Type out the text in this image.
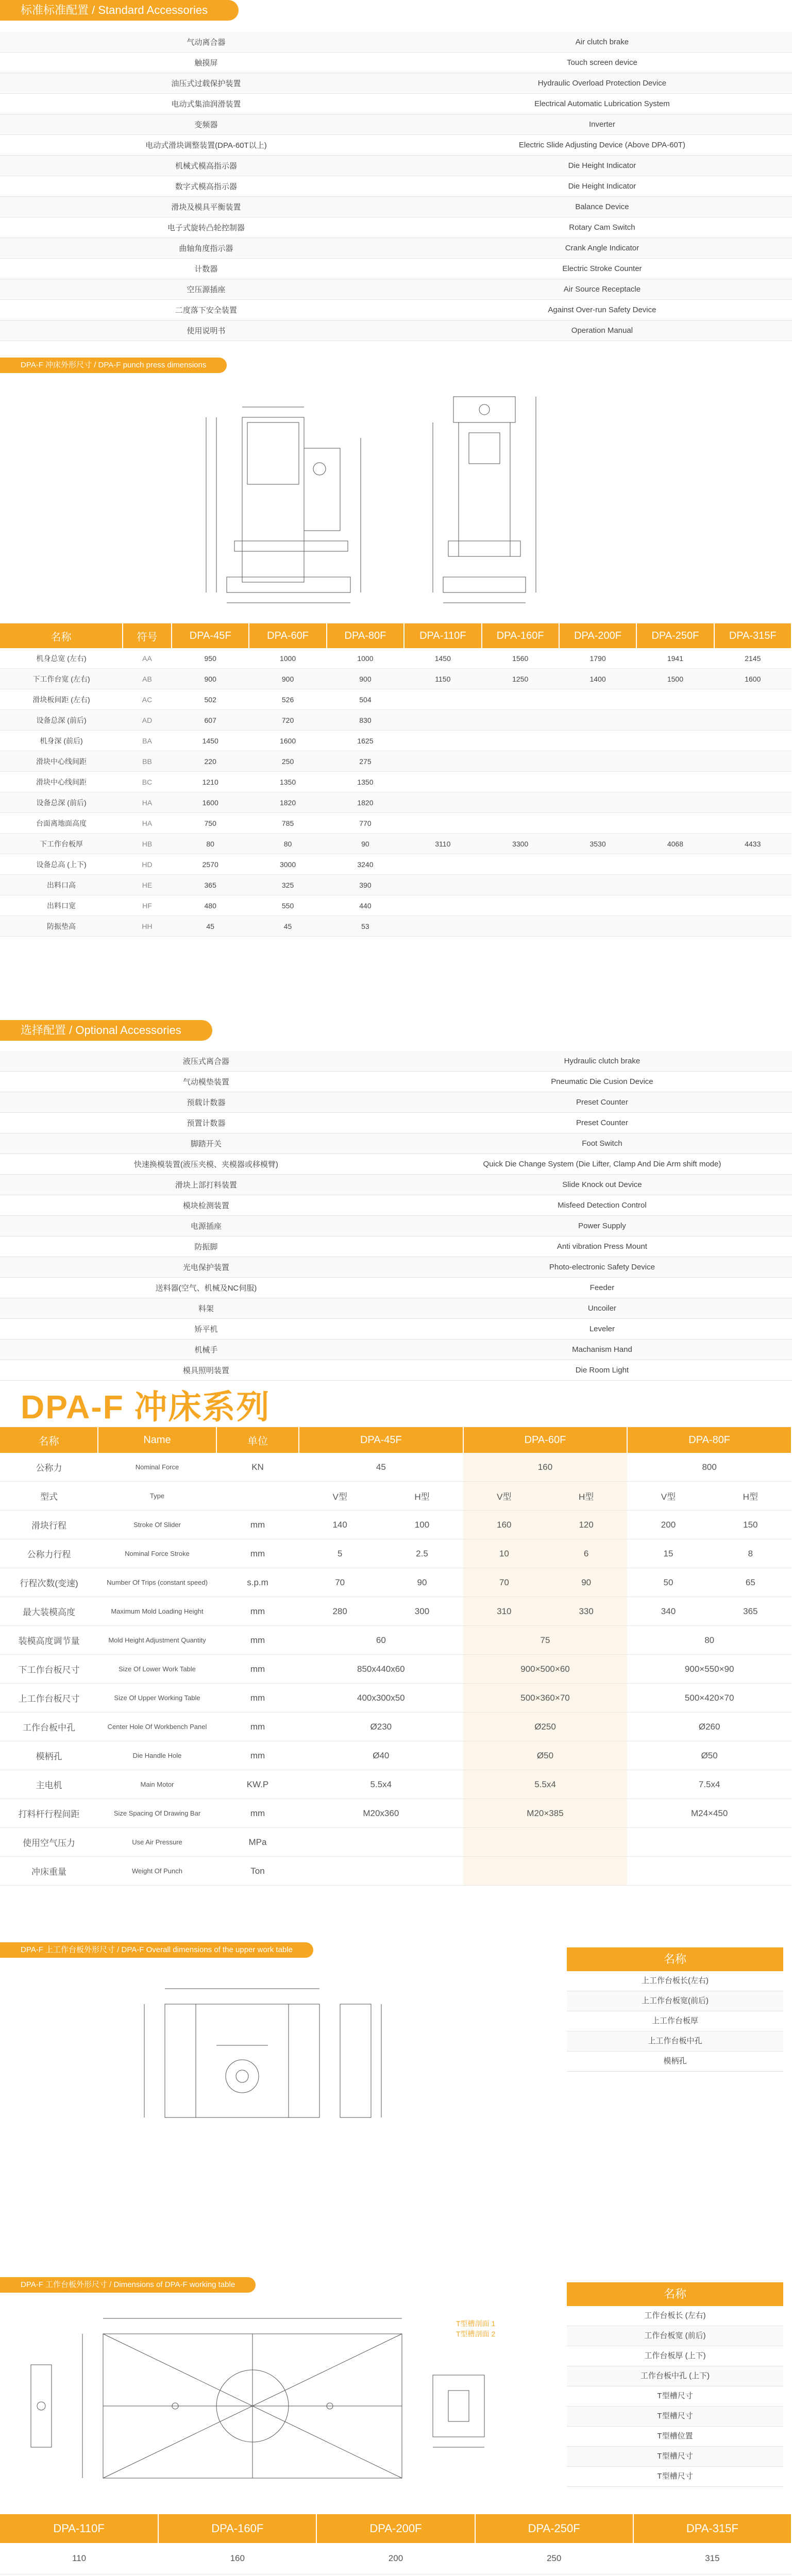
标准标准配置 / Standard Accessories
气动离合器	Air clutch brake
触摸屏	Touch screen device
油压式过载保护装置	Hydraulic Overload Protection Device
电动式集油润滑装置	Electrical Automatic Lubrication System
变频器	Inverter
电动式滑块调整装置(DPA-60T以上)	Electric Slide Adjusting Device (Above DPA-60T)
机械式模高指示器	Die Height Indicator
数字式模高指示器	Die Height Indicator
滑块及模具平衡装置	Balance Device
电子式旋转凸轮控制器	Rotary Cam Switch
曲轴角度指示器	Crank Angle Indicator
计数器	Electric Stroke Counter
空压源插座	Air Source Receptacle
二度落下安全装置	Against Over-run Safety Device
使用说明书	Operation Manual
DPA-F 冲床外形尺寸 / DPA-F punch press dimensions
名称	符号	DPA-45F	DPA-60F	DPA-80F	DPA-110F	DPA-160F	DPA-200F	DPA-250F	DPA-315F
机身总宽 (左右)	AA	950	1000	1000	1450	1560	1790	1941	2145
下工作台宽 (左右)	AB	900	900	900	1150	1250	1400	1500	1600
滑块板间距 (左右)	AC	502	526	504					
设备总深 (前后)	AD	607	720	830					
机身深 (前后)	BA	1450	1600	1625					
滑块中心线间距	BB	220	250	275					
滑块中心线间距	BC	1210	1350	1350					
设备总深 (前后)	HA	1600	1820	1820					
台面离地面高度	HA	750	785	770					
下工作台板厚	HB	80	80	90	3110	3300	3530	4068	4433
设备总高 (上下)	HD	2570	3000	3240					
出料口高	HE	365	325	390					
出料口宽	HF	480	550	440					
防振垫高	HH	45	45	53					
选择配置 / Optional Accessories
液压式离合器	Hydraulic clutch brake
气动模垫装置	Pneumatic Die Cusion Device
预载计数器	Preset Counter
预置计数器	Preset Counter
脚踏开关	Foot Switch
快速换模装置(液压夹模、夹模器或移模臂)	Quick Die Change System (Die Lifter, Clamp And Die Arm shift mode)
滑块上部打料装置	Slide Knock out Device
模块检测装置	Misfeed Detection Control
电源插座	Power Supply
防振脚	Anti vibration Press Mount
光电保护装置	Photo-electronic Safety Device
送料器(空气、机械及NC伺服)	Feeder
料架	Uncoiler
矫平机	Leveler
机械手	Machanism Hand
模具照明装置	Die Room Light
DPA-F 冲床系列
名称	Name	单位	DPA-45F		DPA-60F		DPA-80F	
公称力	Nominal Force	KN	45		160		800	
型式	Type		V型	H型	V型	H型	V型	H型
滑块行程	Stroke Of Slider	mm	140	100	160	120	200	150
公称力行程	Nominal Force Stroke	mm	5	2.5	10	6	15	8
行程次数(变速)	Number Of Trips (constant speed)	s.p.m	70	90	70	90	50	65
最大装模高度	Maximum Mold Loading Height	mm	280	300	310	330	340	365
装模高度调节量	Mold Height Adjustment Quantity	mm	60		75		80	
下工作台板尺寸	Size Of Lower Work Table	mm	850x440x60		900×500×60		900×550×90	
上工作台板尺寸	Size Of Upper Working Table	mm	400x300x50		500×360×70		500×420×70	
工作台板中孔	Center Hole Of Workbench Panel	mm	Ø230		Ø250		Ø260	
模柄孔	Die Handle Hole	mm	Ø40		Ø50		Ø50	
主电机	Main Motor	KW.P	5.5x4		5.5x4		7.5x4	
打料杆行程间距	Size Spacing Of Drawing Bar	mm	M20x360		M20×385		M24×450	
使用空气压力	Use Air Pressure	MPa						
冲床重量	Weight Of Punch	Ton						
DPA-F 上工作台板外形尺寸 / DPA-F Overall dimensions of the upper work table
名称
上工作台板长(左右)
上工作台板宽(前后)
上工作台板厚
上工作台板中孔
模柄孔
DPA-F 工作台板外形尺寸 / Dimensions of DPA-F working table
T型槽剖面 1
T型槽剖面 2
名称
工作台板长 (左右)
工作台板宽 (前后)
工作台板厚 (上下)
工作台板中孔 (上下)
T型槽尺寸
T型槽尺寸
T型槽位置
T型槽尺寸
T型槽尺寸
DPA-110F		DPA-160F		DPA-200F		DPA-250F		DPA-315F	
110		160		200		250		315	
